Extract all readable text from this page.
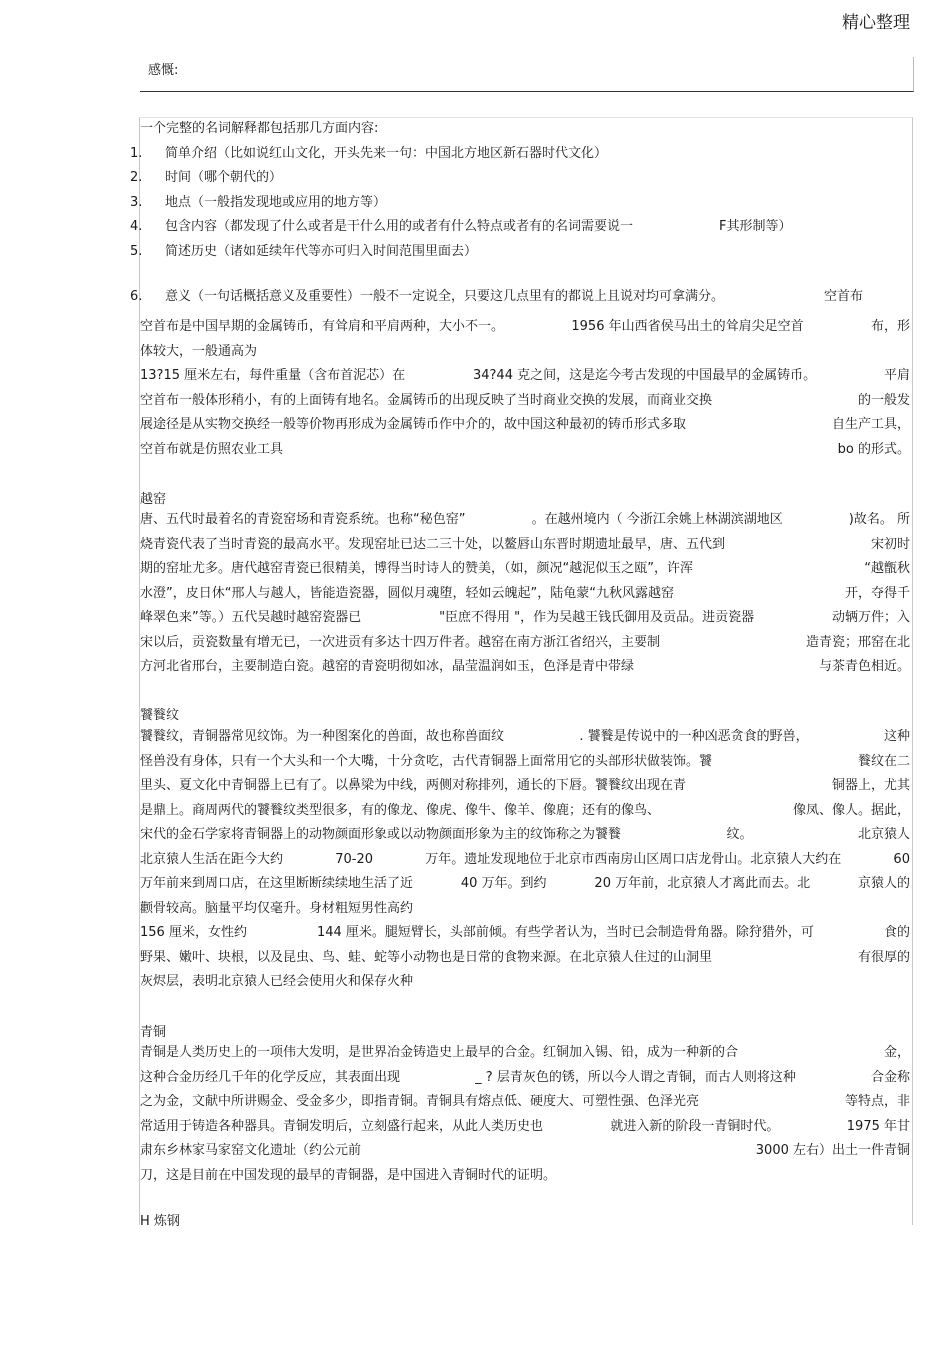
精心整理
感慨:
一个完整的名词解释都包括那几方面内容:
1. 简单介绍（比如说红山文化，开头先来一句：中国北方地区新石器时代文化）
2. 时间（哪个朝代的）
3. 地点（一般指发现地或应用的地方等）
4. 包含内容（都发现了什么或者是干什么用的或者有什么特点或者有的名词需要说一	F其形制等）
5. 简述历史（诸如延续年代等亦可归入时间范围里面去）
6. 意义（一句话概括意义及重要性）一般不一定说全，只要这几点里有的都说上且说对均可拿满分。	空首布
空首布是中国早期的金属铸币，有耸肩和平肩两种，大小不一。	1956 年山西省侯马出土的耸肩尖足空首	布，形
体较大，一般通高为
13?15 厘米左右，每件重量（含布首泥芯）在	34?44 克之间，这是迄今考古发现的中国最早的金属铸币。	平肩
空首布一般体形稍小，有的上面铸有地名。金属铸币的出现反映了当时商业交换的发展，而商业交换	的一般发
展途径是从实物交换经一般等价物再形成为金属铸币作中介的，故中国这种最初的铸币形式多取	自生产工具，
空首布就是仿照农业工具	bo 的形式。
越窑
唐、五代时最着名的青瓷窑场和青瓷系统。也称“秘色窑”	。在越州境内（ 今浙江余姚上林湖滨湖地区	)故名。 所
烧青瓷代表了当时青瓷的最高水平。发现窑址已达二三十处，以鳌唇山东晋时期遗址最早，唐、五代到	宋初时
期的窑址尤多。唐代越窑青瓷已很精美，博得当时诗人的赞美，（如，颜况“越泥似玉之瓯”，许浑	“越甑秋
水澄”，皮日休“邢人与越人，皆能造瓷器，圆似月魂堕，轻如云魄起”，陆龟蒙“九秋风露越窑	开，夺得千
峰翠色来”等。）五代吴越时越窑瓷器已	"臣庶不得用 "，作为吴越王钱氏御用及贡品。进贡瓷器	动辆万件；入
宋以后，贡瓷数量有增无已，一次进贡有多达十四万件者。越窑在南方浙江省绍兴，主要制	造青瓷；邢窑在北
方河北省邢台，主要制造白瓷。越窑的青瓷明彻如冰，晶莹温润如玉，色泽是青中带绿	与茶青色相近。
饕餮纹
饕餮纹，青铜器常见纹饰。为一种图案化的兽面，故也称兽面纹	. 饕餮是传说中的一种凶恶贪食的野兽，	这种
怪兽没有身体，只有一个大头和一个大嘴，十分贪吃，古代青铜器上面常用它的头部形状做装饰。饕	餮纹在二
里头、夏文化中青铜器上已有了。以鼻梁为中线，两侧对称排列，通长的下唇。饕餮纹出现在青	铜器上，尤其
是鼎上。商周两代的饕餮纹类型很多，有的像龙、像虎、像牛、像羊、像鹿；还有的像鸟、	像凤、像人。据此，
宋代的金石学家将青铜器上的动物颜面形象或以动物颜面形象为主的纹饰称之为饕餮	纹。	北京猿人
北京猿人生活在距今大约	70-20	万年。遗址发现地位于北京市西南房山区周口店龙骨山。北京猿人大约在	60
万年前来到周口店，在这里断断续续地生活了近	40 万年。到约	20 万年前，北京猿人才离此而去。北	京猿人的
颧骨较高。脑量平均仅毫升。身材粗短男性高约
156 厘米，女性约	144 厘米。腿短臂长，头部前倾。有些学者认为，当时已会制造骨角器。除狩猎外，可	食的
野果、嫩叶、块根，以及昆虫、鸟、蛙、蛇等小动物也是日常的食物来源。在北京猿人住过的山洞里	有很厚的
灰烬层，表明北京猿人已经会使用火和保存火种
青铜
青铜是人类历史上的一项伟大发明，是世界冶金铸造史上最早的合金。红铜加入锡、铅，成为一种新的合	金，
这种合金历经几千年的化学反应，其表面出现	_ ? 层青灰色的锈，所以今人谓之青铜，而古人则将这种	合金称
之为金，文献中所讲赐金、受金多少，即指青铜。青铜具有熔点低、硬度大、可塑性强、色泽光亮	等特点，非
常适用于铸造各种器具。青铜发明后，立刻盛行起来，从此人类历史也	就进入新的阶段一青铜时代。	1975 年甘
肃东乡林家马家窑文化遗址（约公元前	3000 左右）出土一件青铜
刀，这是目前在中国发现的最早的青铜器，是中国进入青铜时代的证明。
H 炼钢
